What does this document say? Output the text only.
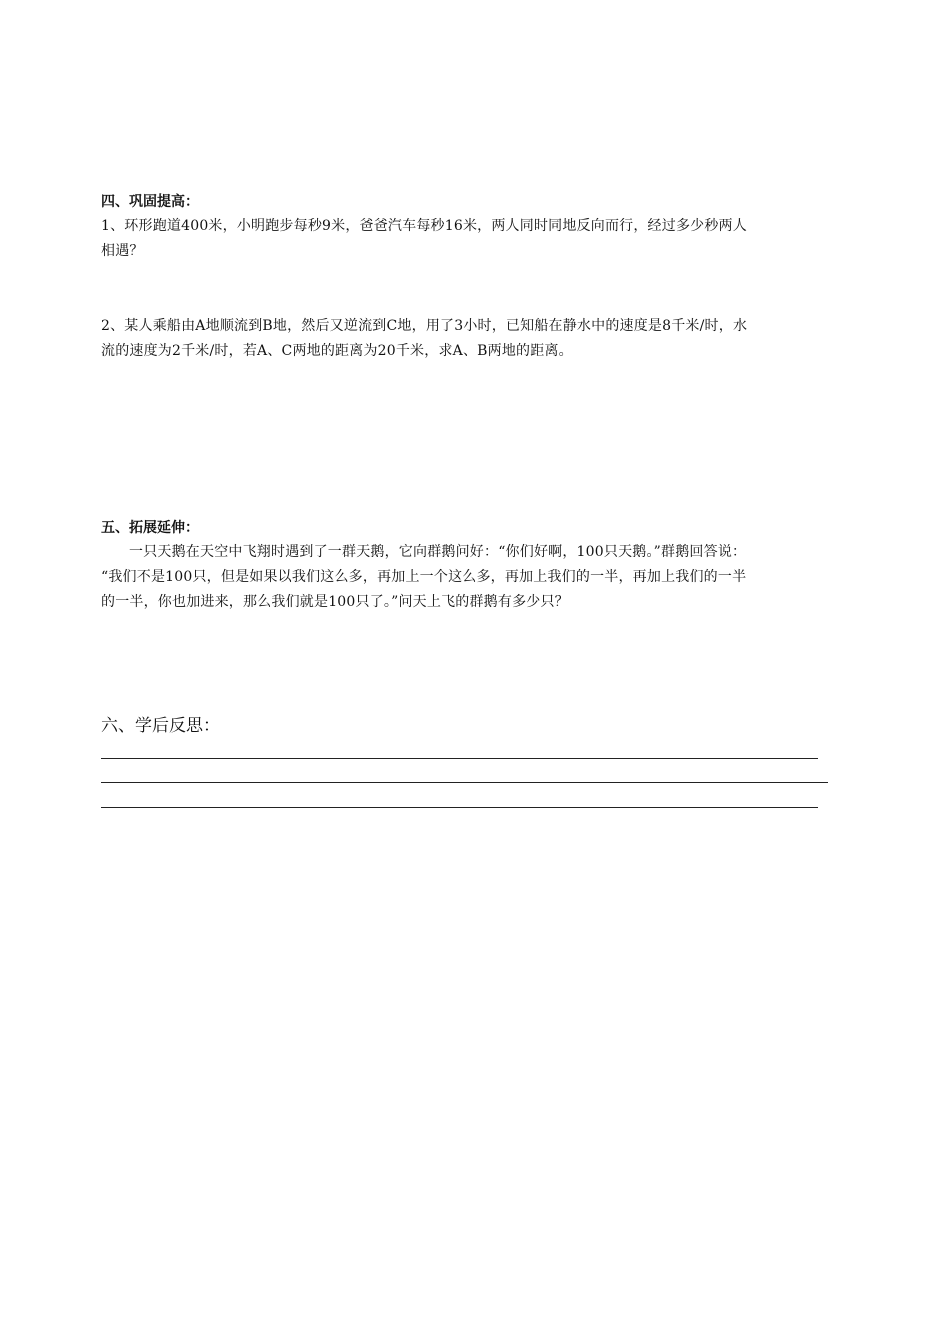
四、巩固提高：
1、环形跑道400米，小明跑步每秒9米，爸爸汽车每秒16米，两人同时同地反向而行，经过多少秒两人
相遇？
2、某人乘船由A地顺流到B地，然后又逆流到C地，用了3小时，已知船在静水中的速度是8千米/时，水
流的速度为2千米/时，若A、C两地的距离为20千米，求A、B两地的距离。
五、拓展延伸：
一只天鹅在天空中飞翔时遇到了一群天鹅，它向群鹅问好：“你们好啊，100只天鹅。”群鹅回答说：
“我们不是100只，但是如果以我们这么多，再加上一个这么多，再加上我们的一半，再加上我们的一半
的一半，你也加进来，那么我们就是100只了。”问天上飞的群鹅有多少只？
六、学后反思：
